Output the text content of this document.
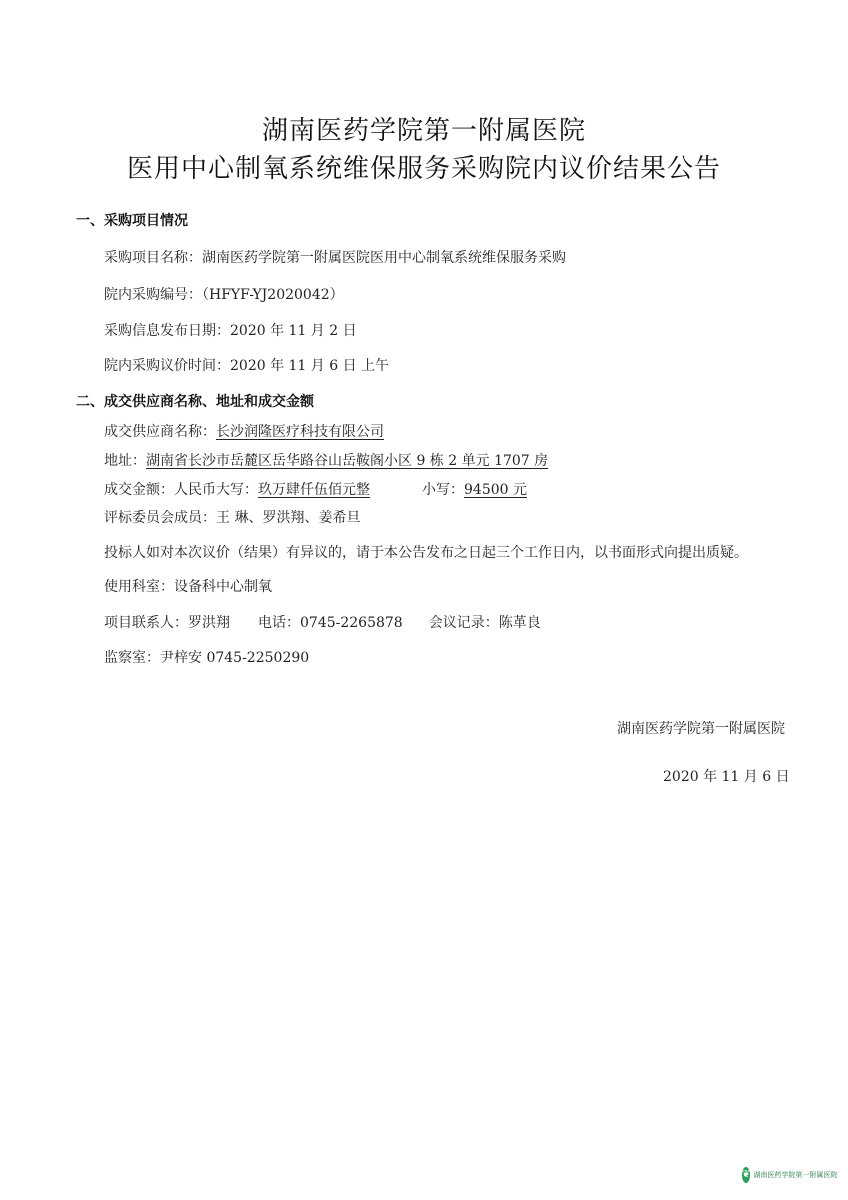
湖南医药学院第一附属医院
医用中心制氧系统维保服务采购院内议价结果公告
一、采购项目情况
采购项目名称：湖南医药学院第一附属医院医用中心制氧系统维保服务采购
院内采购编号：（HFYF-YJ2020042）
采购信息发布日期：2020 年 11 月 2 日
院内采购议价时间：2020 年 11 月 6 日 上午
二、成交供应商名称、地址和成交金额
成交供应商名称：长沙润隆医疗科技有限公司
地址：湖南省长沙市岳麓区岳华路谷山岳鞍阁小区 9 栋 2 单元 1707 房
成交金额：人民币大写：玖万肆仟伍佰元整	小写：94500 元
评标委员会成员：王 琳、罗洪翔、姜希旦
投标人如对本次议价（结果）有异议的，请于本公告发布之日起三个工作日内，以书面形式向提出质疑。
使用科室：设备科中心制氧
项目联系人：罗洪翔 电话：0745-2265878 会议记录：陈革良
监察室：尹梓安 0745-2250290
湖南医药学院第一附属医院
2020 年 11 月 6 日
❦ 湖南医药学院第一附属医院
